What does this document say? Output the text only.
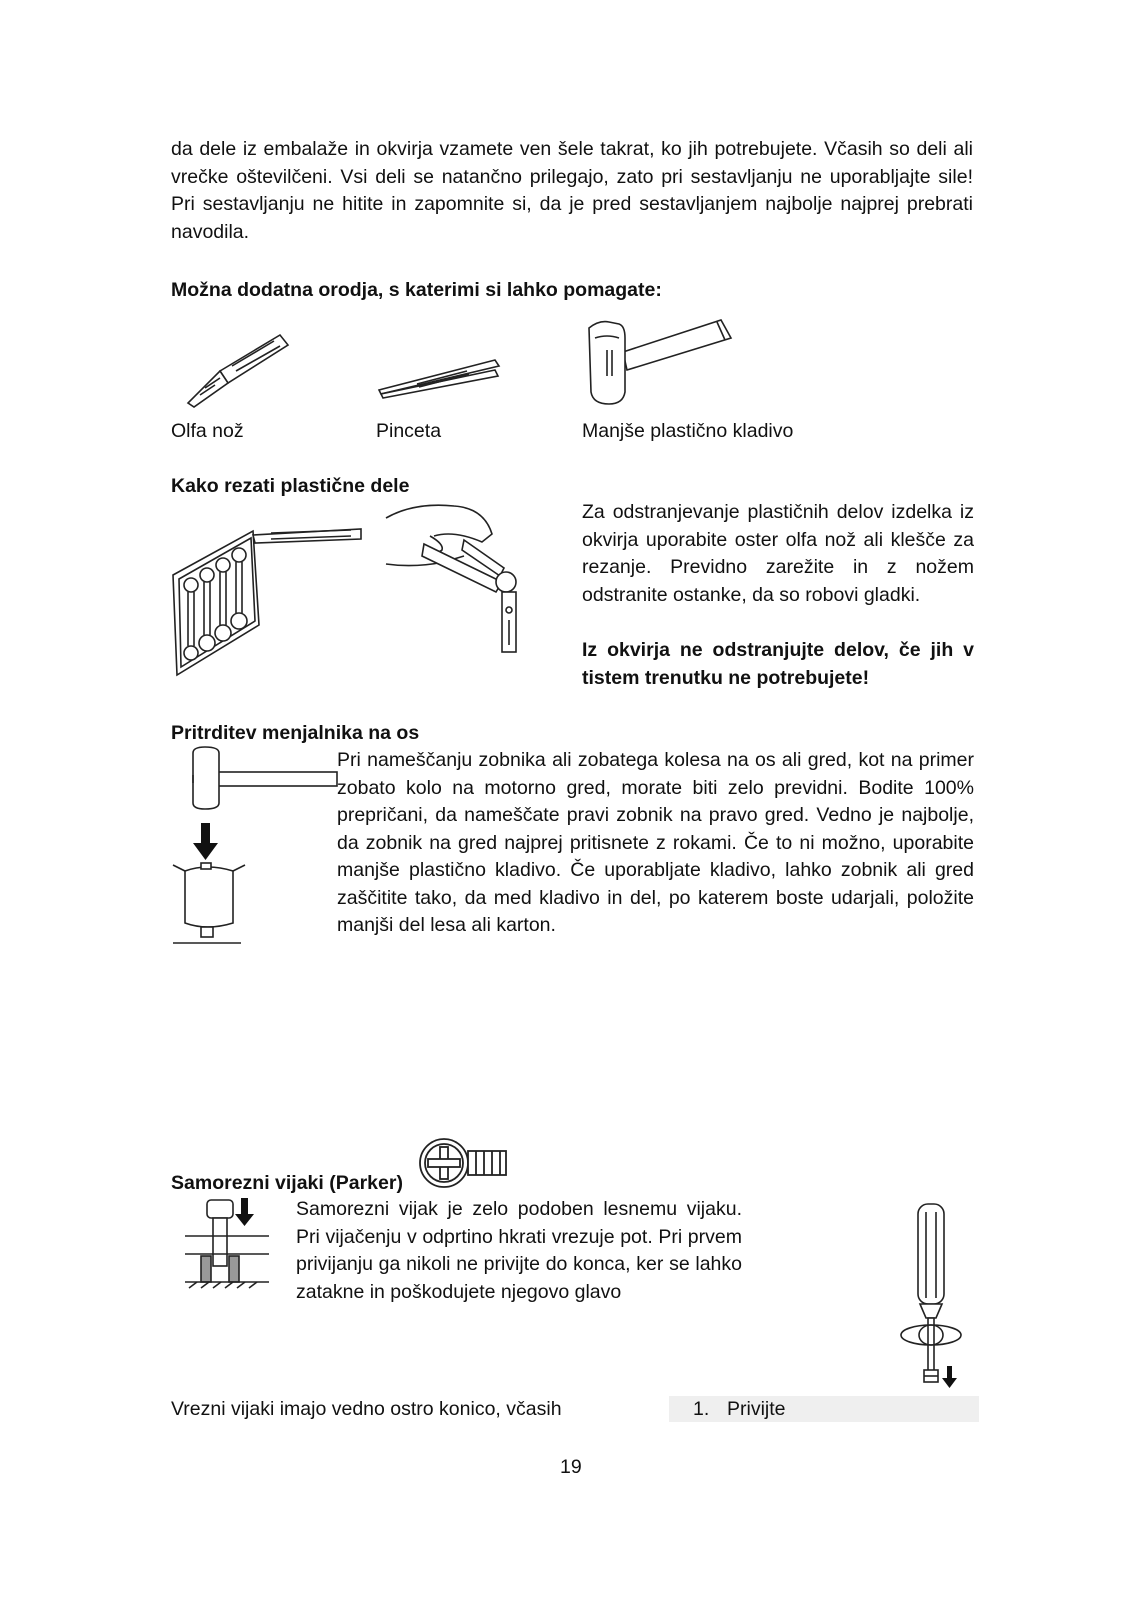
da dele iz embalaže in okvirja vzamete ven šele takrat, ko jih potrebujete. Včasih so deli ali vrečke oštevilčeni. Vsi deli se natančno prilegajo, zato pri sestavljanju ne uporabljajte sile! Pri sestavljanju ne hitite in zapomnite si, da je pred sestavljanjem najbolje najprej prebrati navodila.
Možna dodatna orodja, s katerimi si lahko pomagate:
Olfa nož	Pinceta	Manjše plastično kladivo
Kako rezati plastične dele
Za odstranjevanje plastičnih delov izdelka iz okvirja uporabite oster olfa nož ali klešče za rezanje. Previdno zarežite in z nožem odstranite ostanke, da so robovi gladki.
Iz okvirja ne odstranjujte delov, če jih v tistem trenutku ne potrebujete!
Pritrditev menjalnika na os
Pri nameščanju zobnika ali zobatega kolesa na os ali gred, kot na primer zobato kolo na motorno gred, morate biti zelo previdni. Bodite 100% prepričani, da nameščate pravi zobnik na pravo gred. Vedno je najbolje, da zobnik na gred najprej pritisnete z rokami. Če to ni možno, uporabite manjše plastično kladivo. Če uporabljate kladivo, lahko zobnik ali gred zaščitite tako, da med kladivo in del, po katerem boste udarjali, položite manjši del lesa ali karton.
Samorezni vijaki (Parker)
Samorezni vijak je zelo podoben lesnemu vijaku. Pri vijačenju v odprtino hkrati vrezuje pot. Pri prvem privijanju ga nikoli ne privijte do konca, ker se lahko zatakne in poškodujete njegovo glavo
Vrezni vijaki imajo vedno ostro konico, včasih	1. Privijte
19
